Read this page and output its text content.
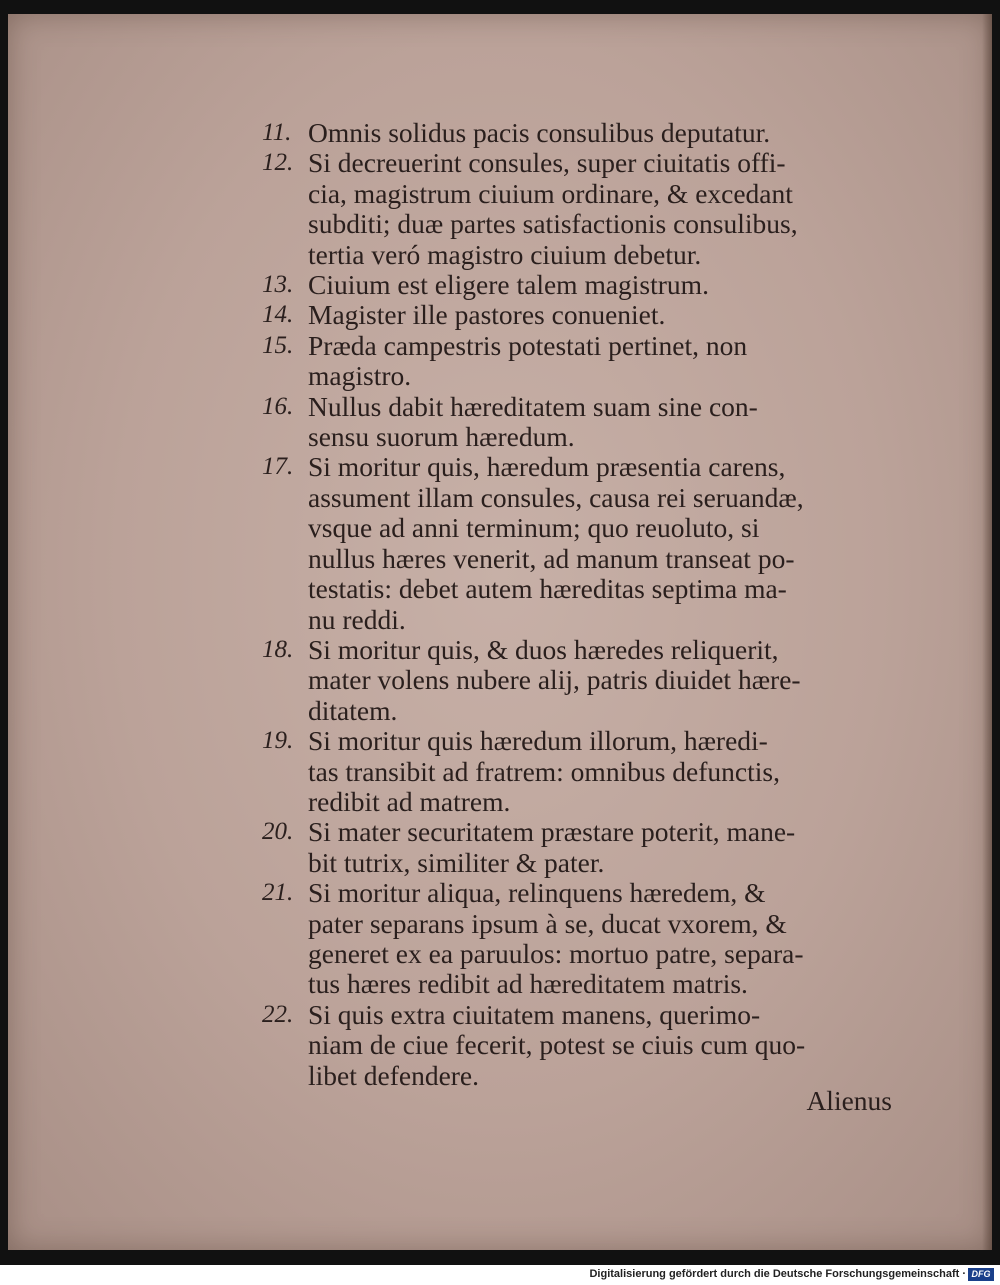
11. Omnis solidus pacis consulibus deputatur.
12. Si decreuerint consules, super ciuitatis offi-
cia, magistrum ciuium ordinare, & excedant
subditi; duæ partes satisfactionis consulibus,
tertia veró magistro ciuium debetur.
13. Ciuium est eligere talem magistrum.
14. Magister ille pastores conueniet.
15. Præda campestris potestati pertinet, non
magistro.
16. Nullus dabit hæreditatem suam sine con-
sensu suorum hæredum.
17. Si moritur quis, hæredum præsentia carens,
assument illam consules, causa rei seruandæ,
vsque ad anni terminum; quo reuoluto, si
nullus hæres venerit, ad manum transeat po-
testatis: debet autem hæreditas septima ma-
nu reddi.
18. Si moritur quis, & duos hæredes reliquerit,
mater volens nubere alij, patris diuidet hære-
ditatem.
19. Si moritur quis hæredum illorum, hæredi-
tas transibit ad fratrem: omnibus defunctis,
redibit ad matrem.
20. Si mater securitatem præstare poterit, mane-
bit tutrix, similiter & pater.
21. Si moritur aliqua, relinquens hæredem, &
pater separans ipsum à se, ducat vxorem, &
generet ex ea paruulos: mortuo patre, separa-
tus hæres redibit ad hæreditatem matris.
22. Si quis extra ciuitatem manens, querimo-
niam de ciue fecerit, potest se ciuis cum quo-
libet defendere.
Alienus
Digitalisierung gefördert durch die Deutsche Forschungsgemeinschaft · DFG
